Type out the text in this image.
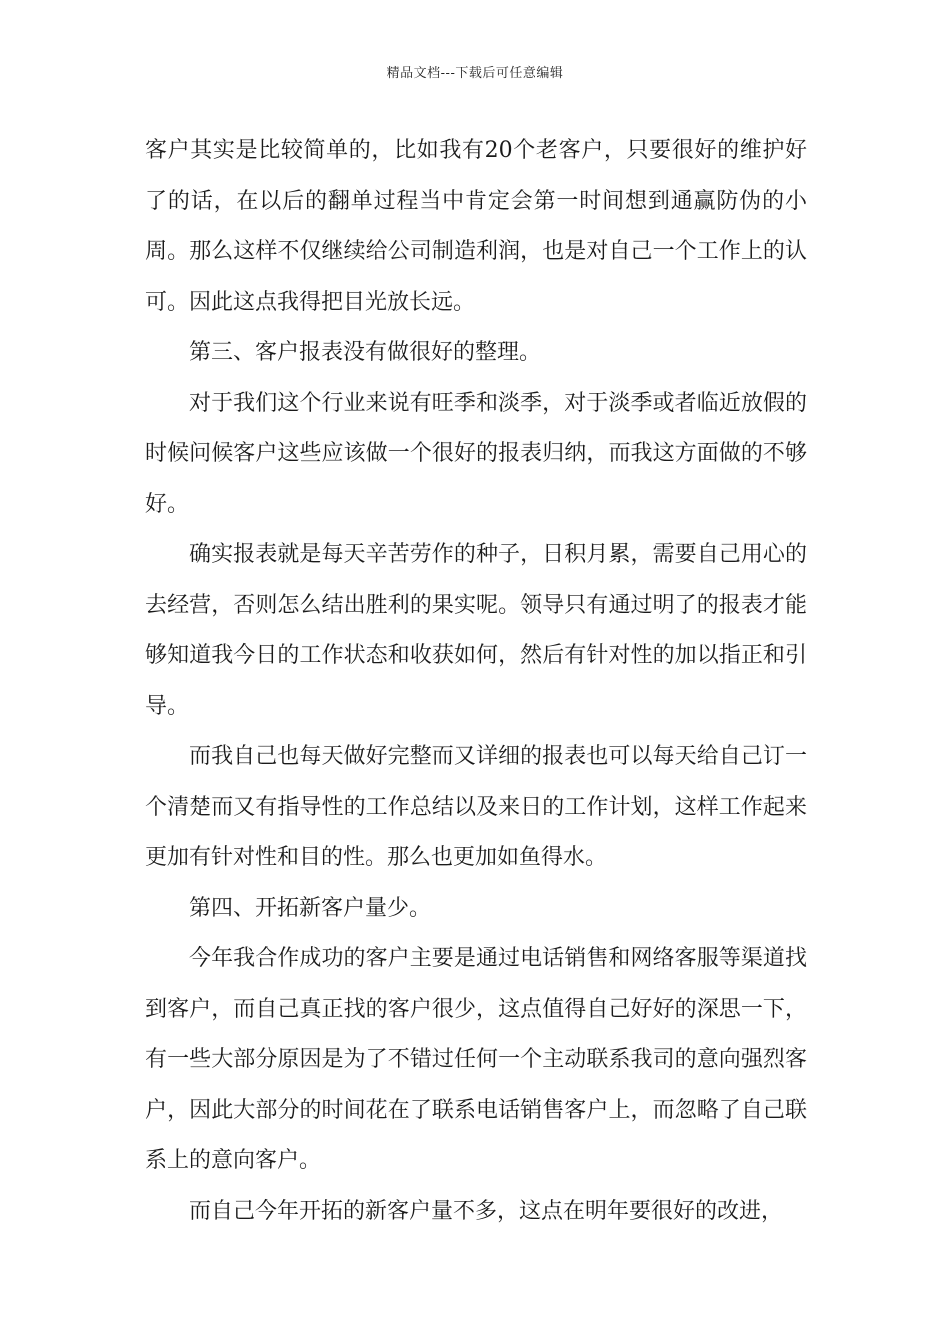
精品文档---下载后可任意编辑

客户其实是比较简单的，比如我有20个老客户，只要很好的维护好了的话，在以后的翻单过程当中肯定会第一时间想到通赢防伪的小周。那么这样不仅继续给公司制造利润，也是对自己一个工作上的认可。因此这点我得把目光放长远。

第三、客户报表没有做很好的整理。

对于我们这个行业来说有旺季和淡季，对于淡季或者临近放假的时候问候客户这些应该做一个很好的报表归纳，而我这方面做的不够好。

确实报表就是每天辛苦劳作的种子，日积月累，需要自己用心的去经营，否则怎么结出胜利的果实呢。领导只有通过明了的报表才能够知道我今日的工作状态和收获如何，然后有针对性的加以指正和引导。

而我自己也每天做好完整而又详细的报表也可以每天给自己订一个清楚而又有指导性的工作总结以及来日的工作计划，这样工作起来更加有针对性和目的性。那么也更加如鱼得水。

第四、开拓新客户量少。

今年我合作成功的客户主要是通过电话销售和网络客服等渠道找到客户，而自己真正找的客户很少，这点值得自己好好的深思一下，有一些大部分原因是为了不错过任何一个主动联系我司的意向强烈客户，因此大部分的时间花在了联系电话销售客户上，而忽略了自己联系上的意向客户。

而自己今年开拓的新客户量不多，这点在明年要很好的改进，
